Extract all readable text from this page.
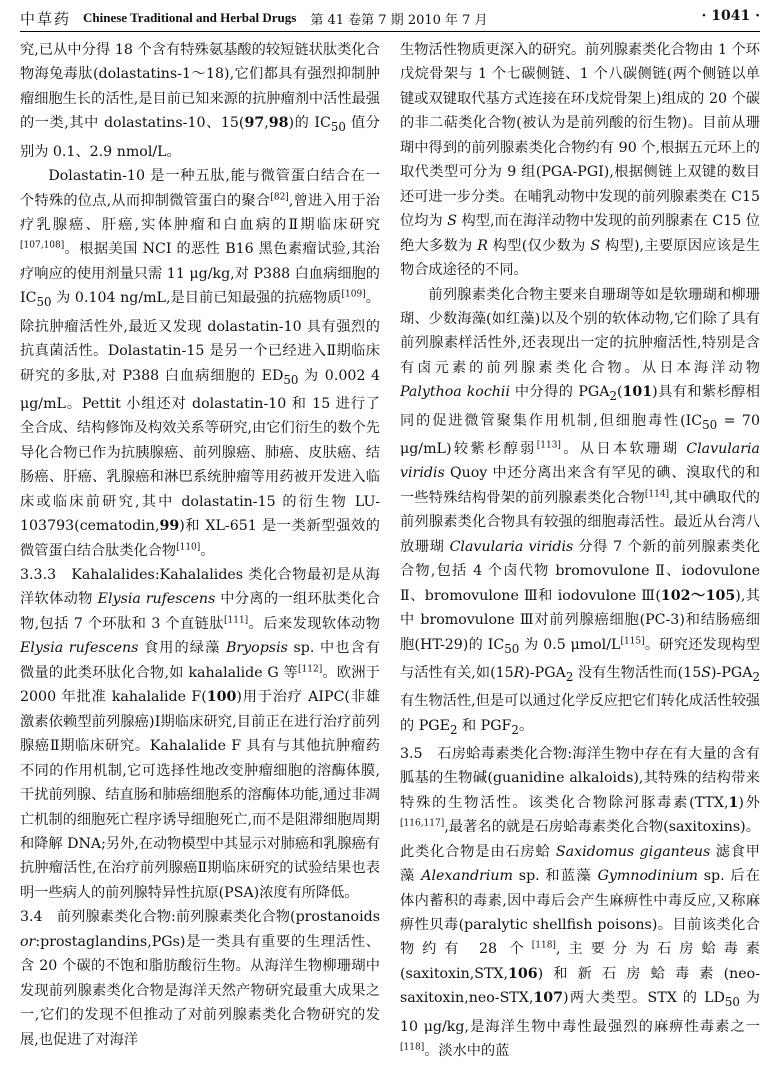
中草药 Chinese Traditional and Herbal Drugs 第 41 卷第 7 期 2010 年 7 月	· 1041 ·

究,已从中分得 18 个含有特殊氨基酸的较短链状肽类化合物海兔毒肽(dolastatins-1～18),它们都具有强烈抑制肿瘤细胞生长的活性,是目前已知来源的抗肿瘤剂中活性最强的一类,其中 dolastatins-10、15(97,98)的 $IC_{50}$ 值分别为 0.1、2.9 nmol/L。

Dolastatin-10 是一种五肽,能与微管蛋白结合在一个特殊的位点,从而抑制微管蛋白的聚合[82],曾进入用于治疗乳腺癌、肝癌,实体肿瘤和白血病的Ⅱ期临床研究[107,108]。根据美国 NCI 的恶性 B16 黑色素瘤试验,其治疗响应的使用剂量只需 11 μg/kg,对 P388 白血病细胞的 $IC_{50}$ 为 0.104 ng/mL,是目前已知最强的抗癌物质[109]。除抗肿瘤活性外,最近又发现 dolastatin-10 具有强烈的抗真菌活性。Dolastatin-15 是另一个已经进入Ⅱ期临床研究的多肽,对 P388 白血病细胞的 $ED_{50}$ 为 0.002 4 μg/mL。Pettit 小组还对 dolastatin-10 和 15 进行了全合成、结构修饰及构效关系等研究,由它们衍生的数个先导化合物已作为抗胰腺癌、前列腺癌、肺癌、皮肤癌、结肠癌、肝癌、乳腺癌和淋巴系统肿瘤等用药被开发进入临床或临床前研究,其中 dolastatin-15 的衍生物 LU-103793(cematodin,99)和 XL-651 是一类新型强效的微管蛋白结合肽类化合物[110]。

3.3.3　Kahalalides:Kahalalides 类化合物最初是从海洋软体动物 Elysia rufescens 中分离的一组环肽类化合物,包括 7 个环肽和 3 个直链肽[111]。后来发现软体动物 Elysia rufescens 食用的绿藻 Bryopsis sp. 中也含有微量的此类环肽化合物,如 kahalalide G 等[112]。欧洲于 2000 年批准 kahalalide F(100)用于治疗 AIPC(非雄激素依赖型前列腺癌)Ⅰ期临床研究,目前正在进行治疗前列腺癌Ⅱ期临床研究。Kahalalide F 具有与其他抗肿瘤药不同的作用机制,它可选择性地改变肿瘤细胞的溶酶体膜,干扰前列腺、结直肠和肺癌细胞系的溶酶体功能,通过非凋亡机制的细胞死亡程序诱导细胞死亡,而不是阻滞细胞周期和降解 DNA;另外,在动物模型中其显示对肺癌和乳腺癌有抗肿瘤活性,在治疗前列腺癌Ⅱ期临床研究的试验结果也表明一些病人的前列腺特异性抗原(PSA)浓度有所降低。

3.4　前列腺素类化合物:前列腺素类化合物(prostanoids or:prostaglandins,PGs)是一类具有重要的生理活性、含 20 个碳的不饱和脂肪酸衍生物。从海洋生物柳珊瑚中发现前列腺素类化合物是海洋天然产物研究最重大成果之一,它们的发现不但推动了对前列腺素类化合物研究的发展,也促进了对海洋

生物活性物质更深入的研究。前列腺素类化合物由 1 个环戊烷骨架与 1 个七碳侧链、1 个八碳侧链(两个侧链以单键或双键取代基方式连接在环戊烷骨架上)组成的 20 个碳的非二萜类化合物(被认为是前列酸的衍生物)。目前从珊瑚中得到的前列腺素类化合物约有 90 个,根据五元环上的取代类型可分为 9 组(PGA-PGI),根据侧链上双键的数目还可进一步分类。在哺乳动物中发现的前列腺素类在 C15 位均为 S 构型,而在海洋动物中发现的前列腺素在 C15 位绝大多数为 R 构型(仅少数为 S 构型),主要原因应该是生物合成途径的不同。

前列腺素类化合物主要来自珊瑚等如是软珊瑚和柳珊瑚、少数海藻(如红藻)以及个别的软体动物,它们除了具有前列腺素样活性外,还表现出一定的抗肿瘤活性,特别是含有卤元素的前列腺素类化合物。从日本海洋动物 Palythoa kochii 中分得的 $PGA_2(101)$具有和紫杉醇相同的促进微管聚集作用机制,但细胞毒性($IC_{50} = 70$ μg/mL)较紫杉醇弱[113]。从日本软珊瑚 Clavularia viridis Quoy 中还分离出来含有罕见的碘、溴取代的和一些特殊结构骨架的前列腺素类化合物[114],其中碘取代的前列腺素类化合物具有较强的细胞毒活性。最近从台湾八放珊瑚 Clavularia viridis 分得 7 个新的前列腺素类化合物,包括 4 个卤代物 bromovulone Ⅱ、iodovulone Ⅱ、bromovulone Ⅲ和 iodovulone Ⅲ(102～105),其中 bromovulone Ⅲ对前列腺癌细胞(PC-3)和结肠癌细胞(HT-29)的 $IC_{50}$ 为 0.5 μmol/L[115]。研究还发现构型与活性有关,如$(15R)-PGA_2$ 没有生物活性而$(15S)-PGA_2$ 有生物活性,但是可以通过化学反应把它们转化成活性较强的 $PGE_2$ 和 $PGF_2$。

3.5　石房蛤毒素类化合物:海洋生物中存在有大量的含有胍基的生物碱(guanidine alkaloids),其特殊的结构带来特殊的生物活性。该类化合物除河豚毒素(TTX,1)外[116,117],最著名的就是石房蛤毒素类化合物(saxitoxins)。此类化合物是由石房蛤 Saxidomus giganteus 滤食甲藻 Alexandrium sp. 和蓝藻 Gymnodinium sp. 后在体内蓄积的毒素,因中毒后会产生麻痹性中毒反应,又称麻痹性贝毒(paralytic shellfish poisons)。目前该类化合物约有 28 个[118],主要分为石房蛤毒素(saxitoxin,STX,106)和新石房蛤毒素(neo-saxitoxin,neo-STX,107)两大类型。STX 的 $LD_{50}$ 为 10 μg/kg,是海洋生物中毒性最强烈的麻痹性毒素之一[118]。淡水中的蓝
